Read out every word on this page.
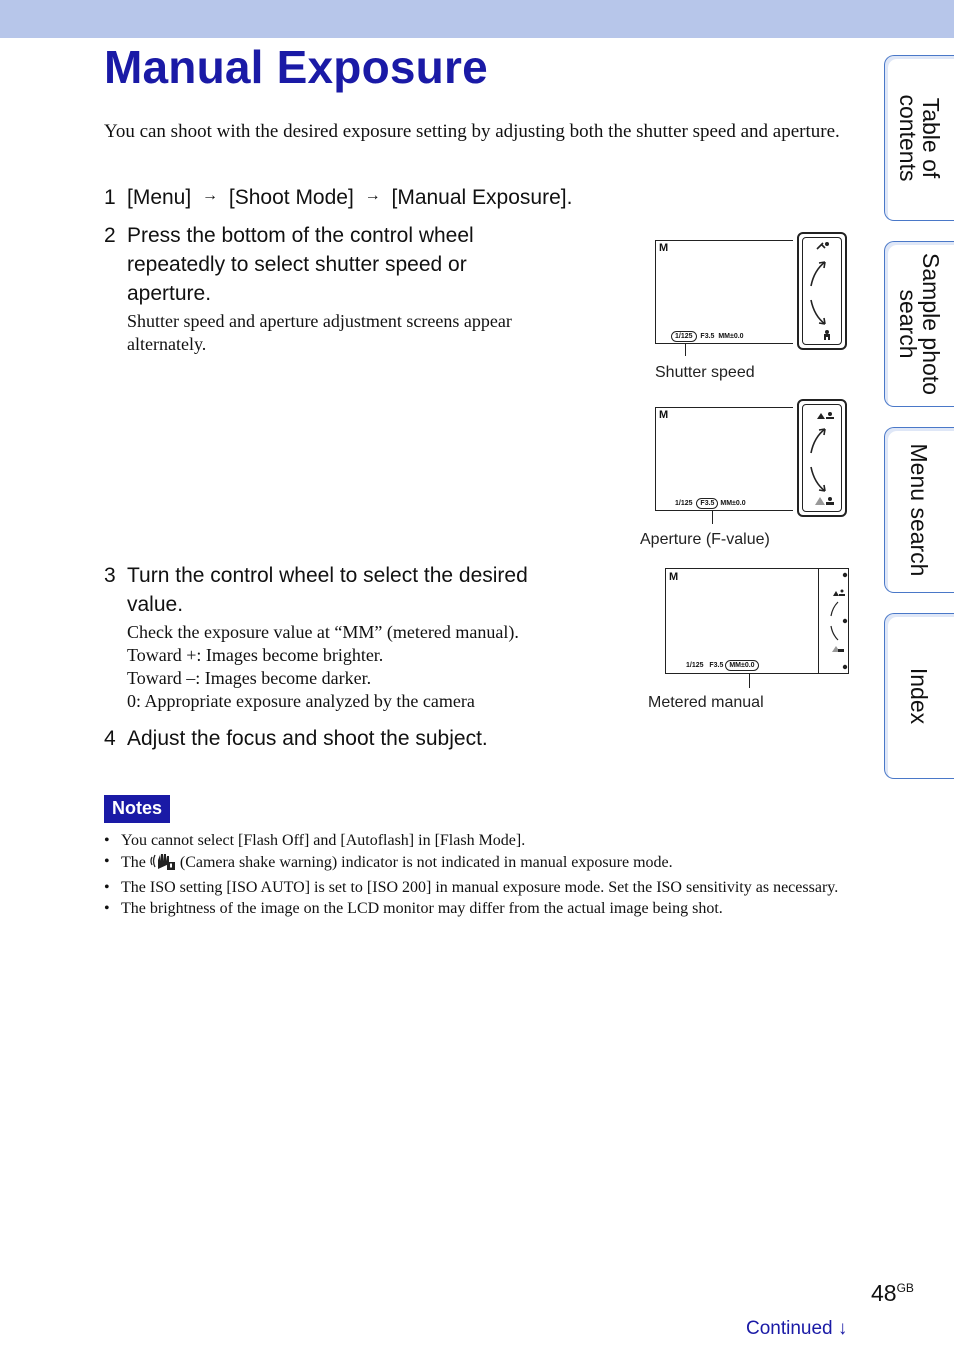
Manual Exposure
You can shoot with the desired exposure setting by adjusting both the shutter speed and aperture.
1 [Menu] → [Shoot Mode] → [Manual Exposure].
2 Press the bottom of the control wheel
repeatedly to select shutter speed or
aperture.
Shutter speed and aperture adjustment screens appear
alternately.
3 Turn the control wheel to select the desired
value.
Check the exposure value at “MM” (metered manual).
Toward +: Images become brighter.
Toward –: Images become darker.
0: Appropriate exposure analyzed by the camera
4 Adjust the focus and shoot the subject.
M
1/125 F3.5 MM±0.0
Shutter speed
M
1/125 F3.5 MM±0.0
Aperture (F-value)
M
1/125 F3.5 MM±0.0
Metered manual
Notes
• You cannot select [Flash Off] and [Autoflash] in [Flash Mode].
• The (Camera shake warning) indicator is not indicated in manual exposure mode.
• The ISO setting [ISO AUTO] is set to [ISO 200] in manual exposure mode. Set the ISO sensitivity as necessary.
• The brightness of the image on the LCD monitor may differ from the actual image being shot.
Table of
contents
Sample photo
search
Menu search
Index
$48^{GB}$
Continued ↓
